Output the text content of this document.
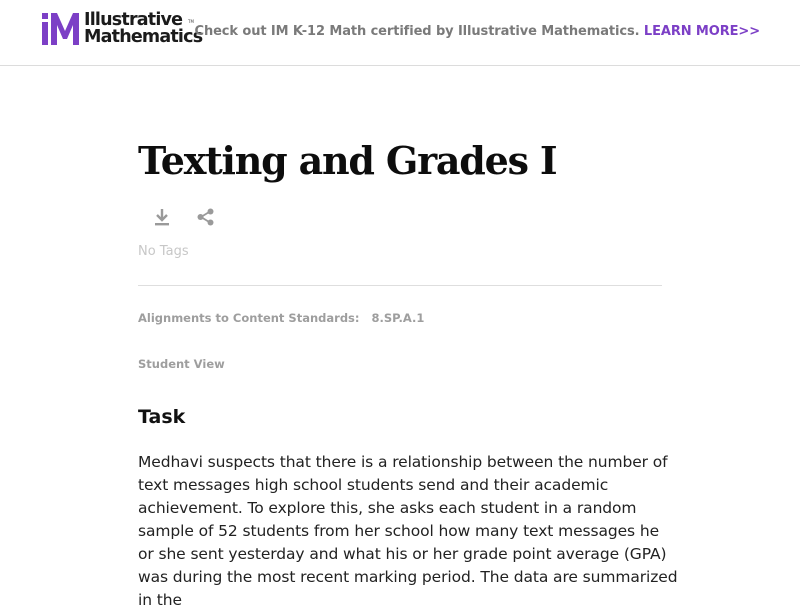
Illustrative
Mathematics
TM
Check out IM K-12 Math certified by Illustrative Mathematics. LEARN MORE>>
Texting and Grades I
No Tags
Alignments to Content Standards: 8.SP.A.1
Student View
Task

Medhavi suspects that there is a relationship between the number of text messages high school students send and their academic achievement. To explore this, she asks each student in a random sample of 52 students from her school how many text messages he or she sent yesterday and what his or her grade point average (GPA) was during the most recent marking period. The data are summarized in the
